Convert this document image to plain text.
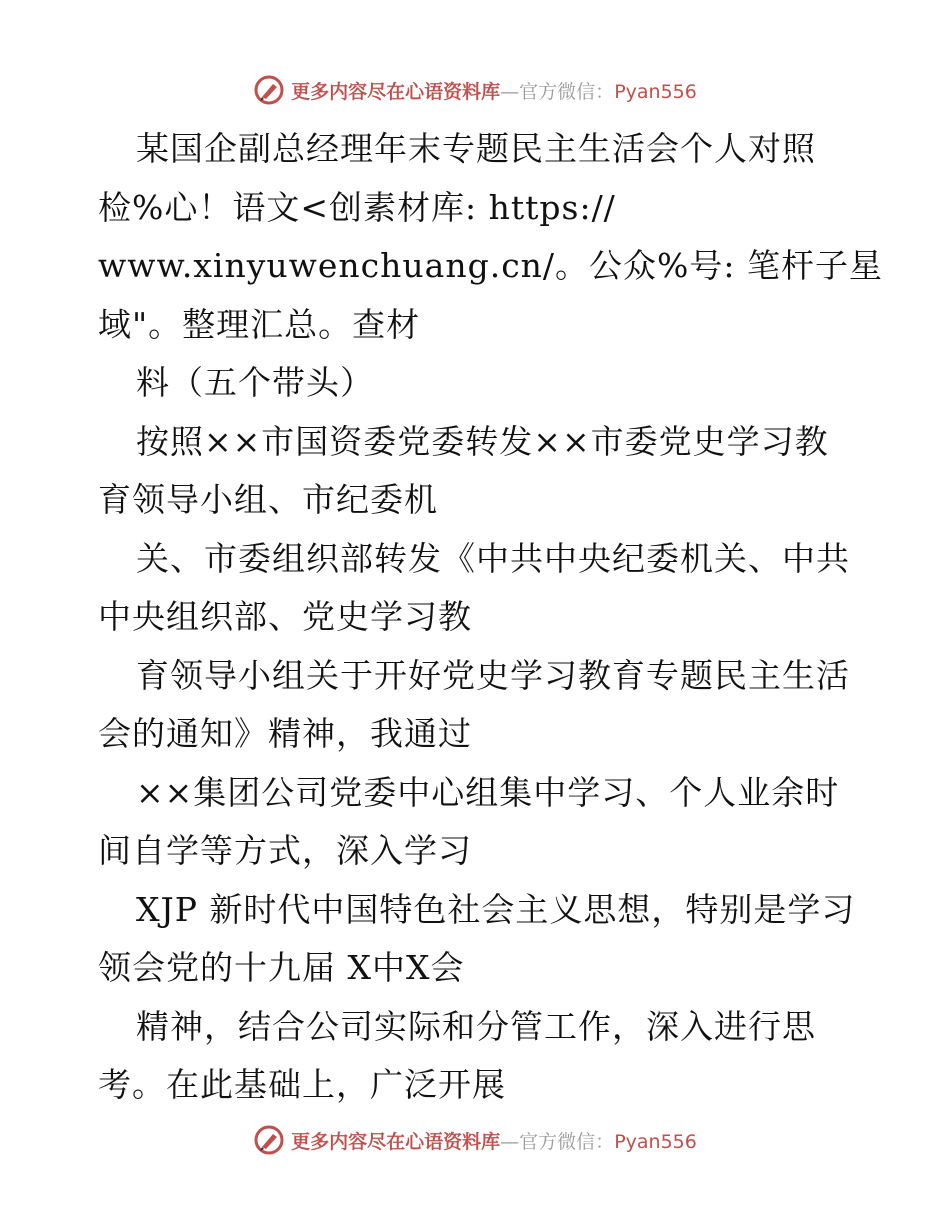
更多内容尽在心语资料库—官方微信：Pyan556
某国企副总经理年末专题民主生活会个人对照
检%心！语文<创素材库: https://
www.xinyuwenchuang.cn/。公众%号: 笔杆子星
域"。整理汇总。查材
料（五个带头）
按照××市国资委党委转发××市委党史学习教
育领导小组、市纪委机
关、市委组织部转发《中共中央纪委机关、中共
中央组织部、党史学习教
育领导小组关于开好党史学习教育专题民主生活
会的通知》精神，我通过
××集团公司党委中心组集中学习、个人业余时
间自学等方式，深入学习
XJP 新时代中国特色社会主义思想，特别是学习
领会党的十九届 X中X会
精神，结合公司实际和分管工作，深入进行思
考。在此基础上，广泛开展
更多内容尽在心语资料库—官方微信：Pyan556
